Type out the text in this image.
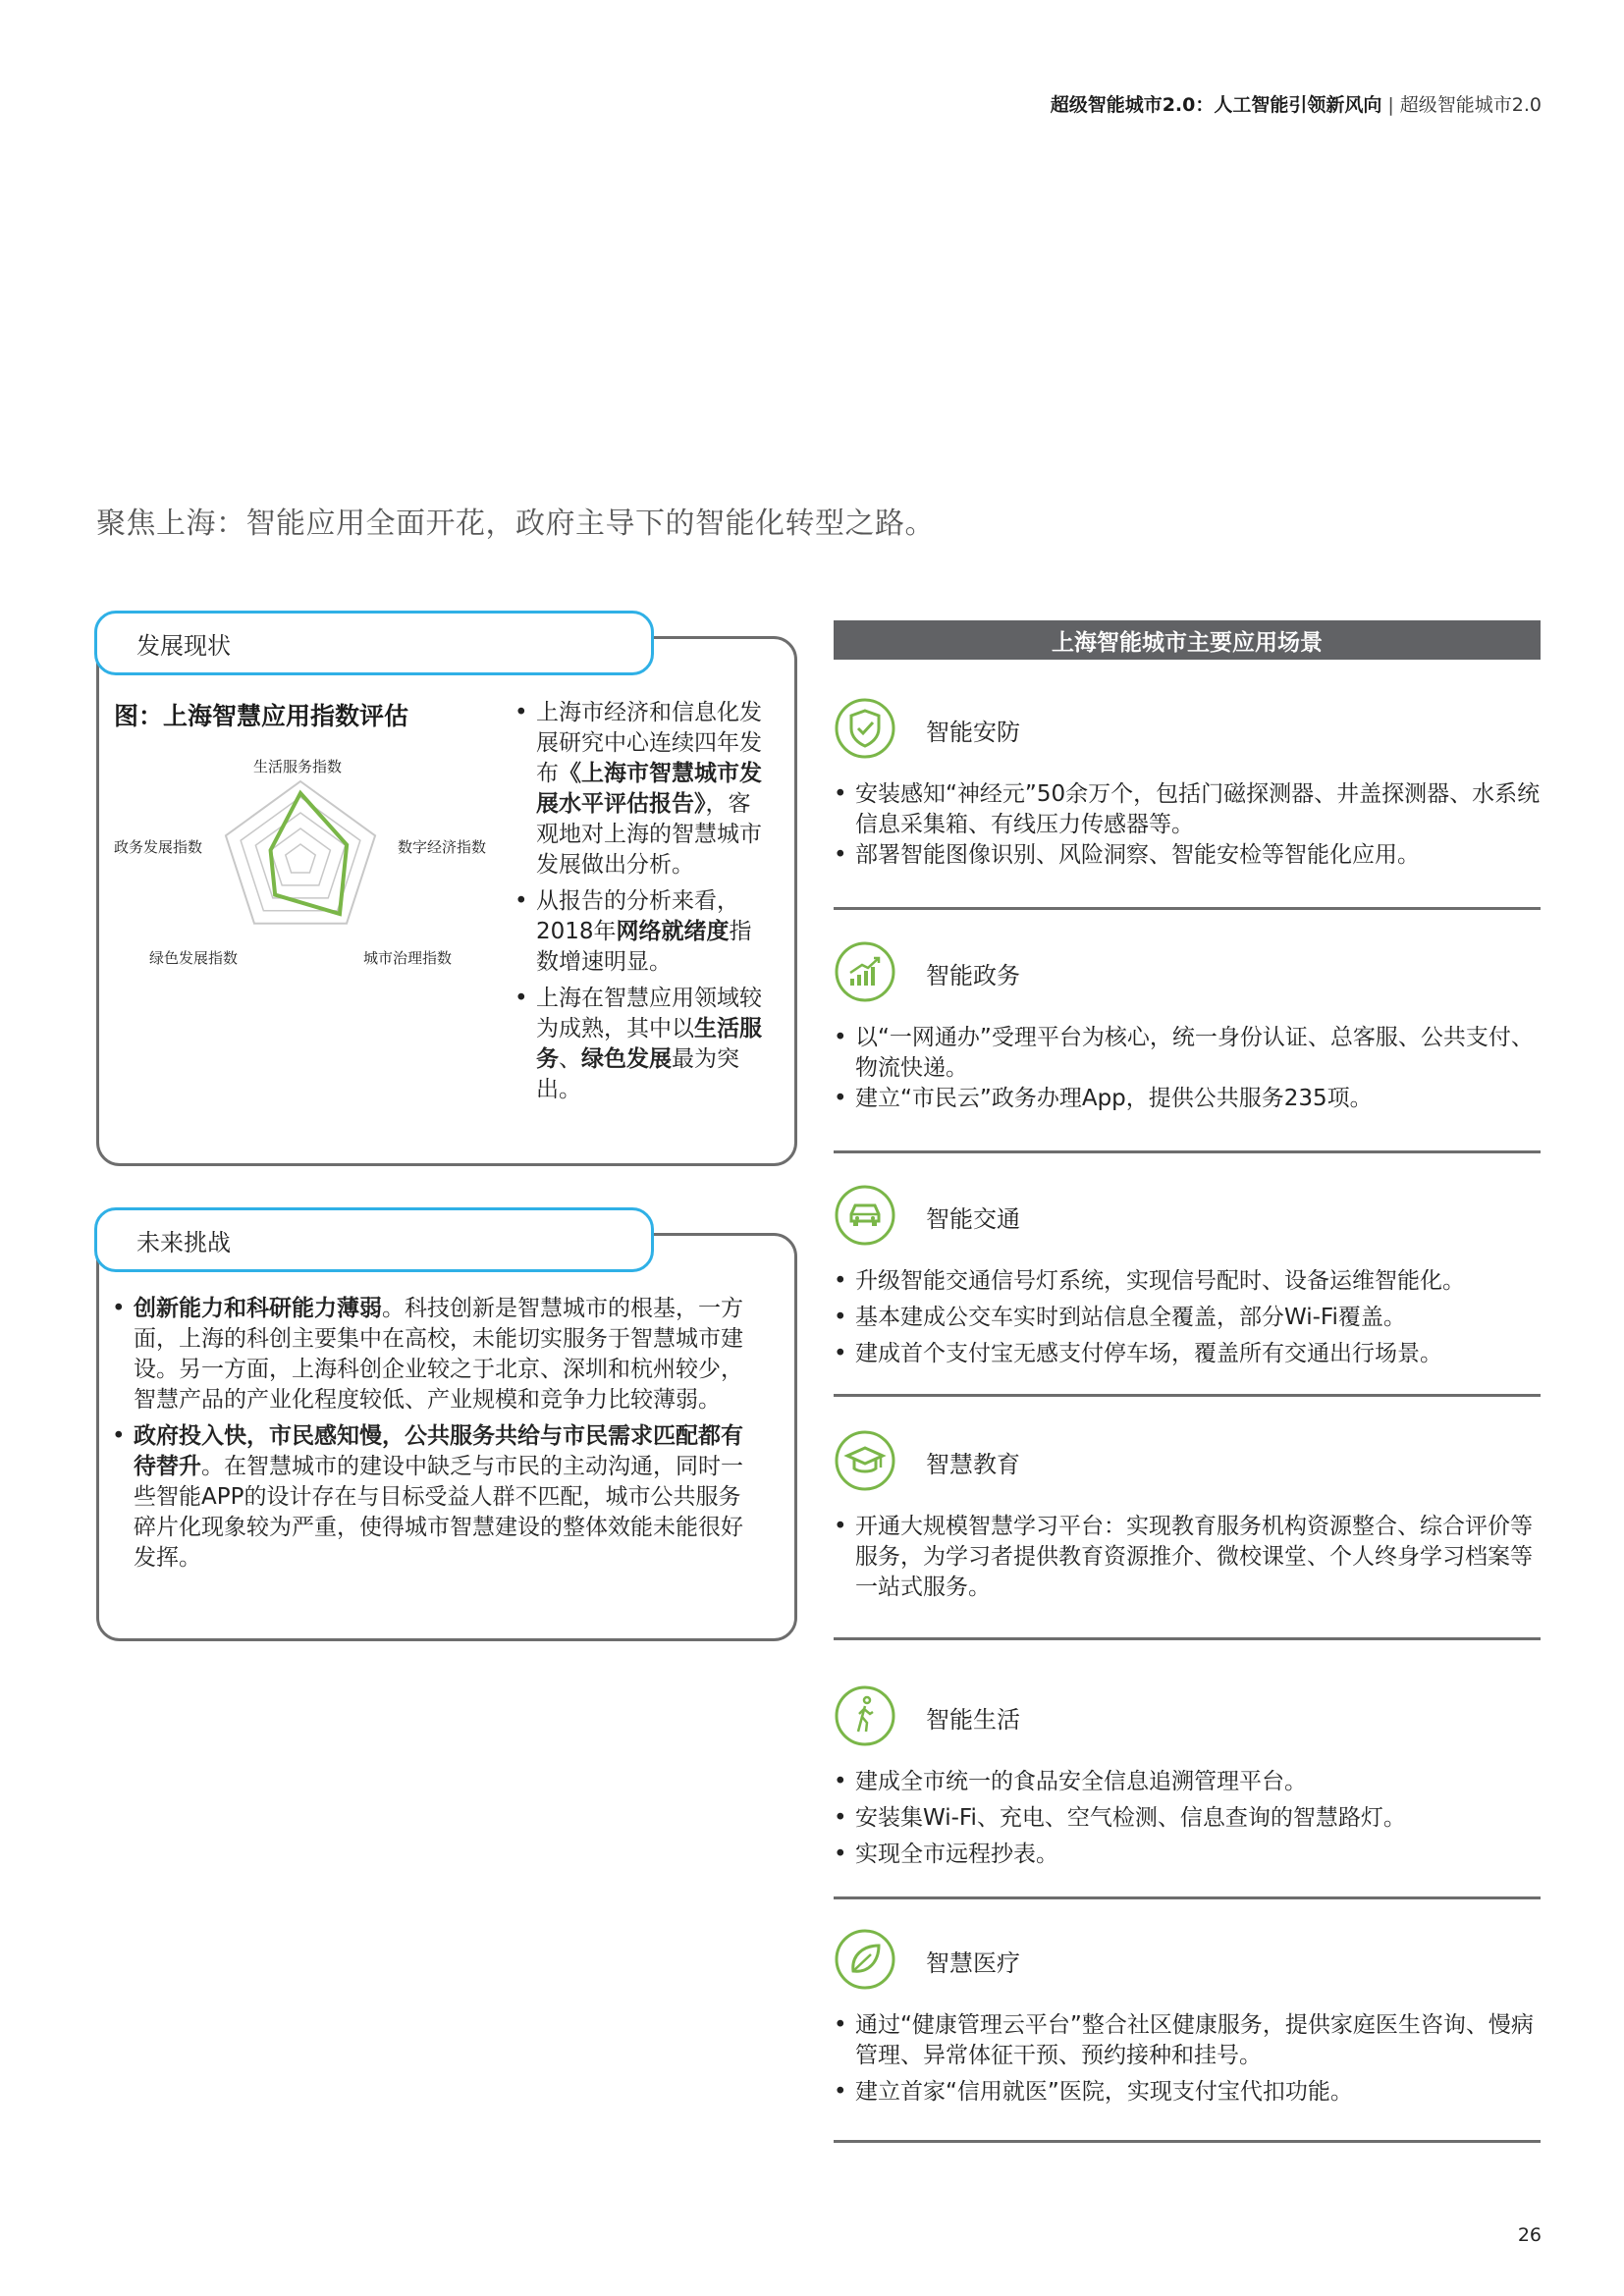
超级智能城市2.0：人工智能引领新风向 | 超级智能城市2.0
聚焦上海：智能应用全面开花，政府主导下的智能化转型之路。
发展现状
图：上海智慧应用指数评估
生活服务指数
数字经济指数
城市治理指数
绿色发展指数
政务发展指数
• 上海市经济和信息化发展研究中心连续四年发布《上海市智慧城市发展水平评估报告》，客观地对上海的智慧城市发展做出分析。
• 从报告的分析来看，2018年网络就绪度指数增速明显。
• 上海在智慧应用领域较为成熟，其中以生活服务、绿色发展最为突出。
未来挑战
• 创新能力和科研能力薄弱。科技创新是智慧城市的根基，一方面，上海的科创主要集中在高校，未能切实服务于智慧城市建设。另一方面，上海科创企业较之于北京、深圳和杭州较少，智慧产品的产业化程度较低、产业规模和竞争力比较薄弱。
• 政府投入快，市民感知慢，公共服务共给与市民需求匹配都有待替升。在智慧城市的建设中缺乏与市民的主动沟通，同时一些智能APP的设计存在与目标受益人群不匹配，城市公共服务碎片化现象较为严重，使得城市智慧建设的整体效能未能很好发挥。
上海智能城市主要应用场景
智能安防
• 安装感知“神经元”50余万个，包括门磁探测器、井盖探测器、水系统信息采集箱、有线压力传感器等。
• 部署智能图像识别、风险洞察、智能安检等智能化应用。
智能政务
• 以“一网通办”受理平台为核心，统一身份认证、总客服、公共支付、物流快递。
• 建立“市民云”政务办理App，提供公共服务235项。
智能交通
• 升级智能交通信号灯系统，实现信号配时、设备运维智能化。
• 基本建成公交车实时到站信息全覆盖，部分Wi-Fi覆盖。
• 建成首个支付宝无感支付停车场，覆盖所有交通出行场景。
智慧教育
• 开通大规模智慧学习平台：实现教育服务机构资源整合、综合评价等服务，为学习者提供教育资源推介、微校课堂、个人终身学习档案等一站式服务。
智能生活
• 建成全市统一的食品安全信息追溯管理平台。
• 安装集Wi-Fi、充电、空气检测、信息查询的智慧路灯。
• 实现全市远程抄表。
智慧医疗
• 通过“健康管理云平台”整合社区健康服务，提供家庭医生咨询、慢病管理、异常体征干预、预约接种和挂号。
• 建立首家“信用就医”医院，实现支付宝代扣功能。
26
